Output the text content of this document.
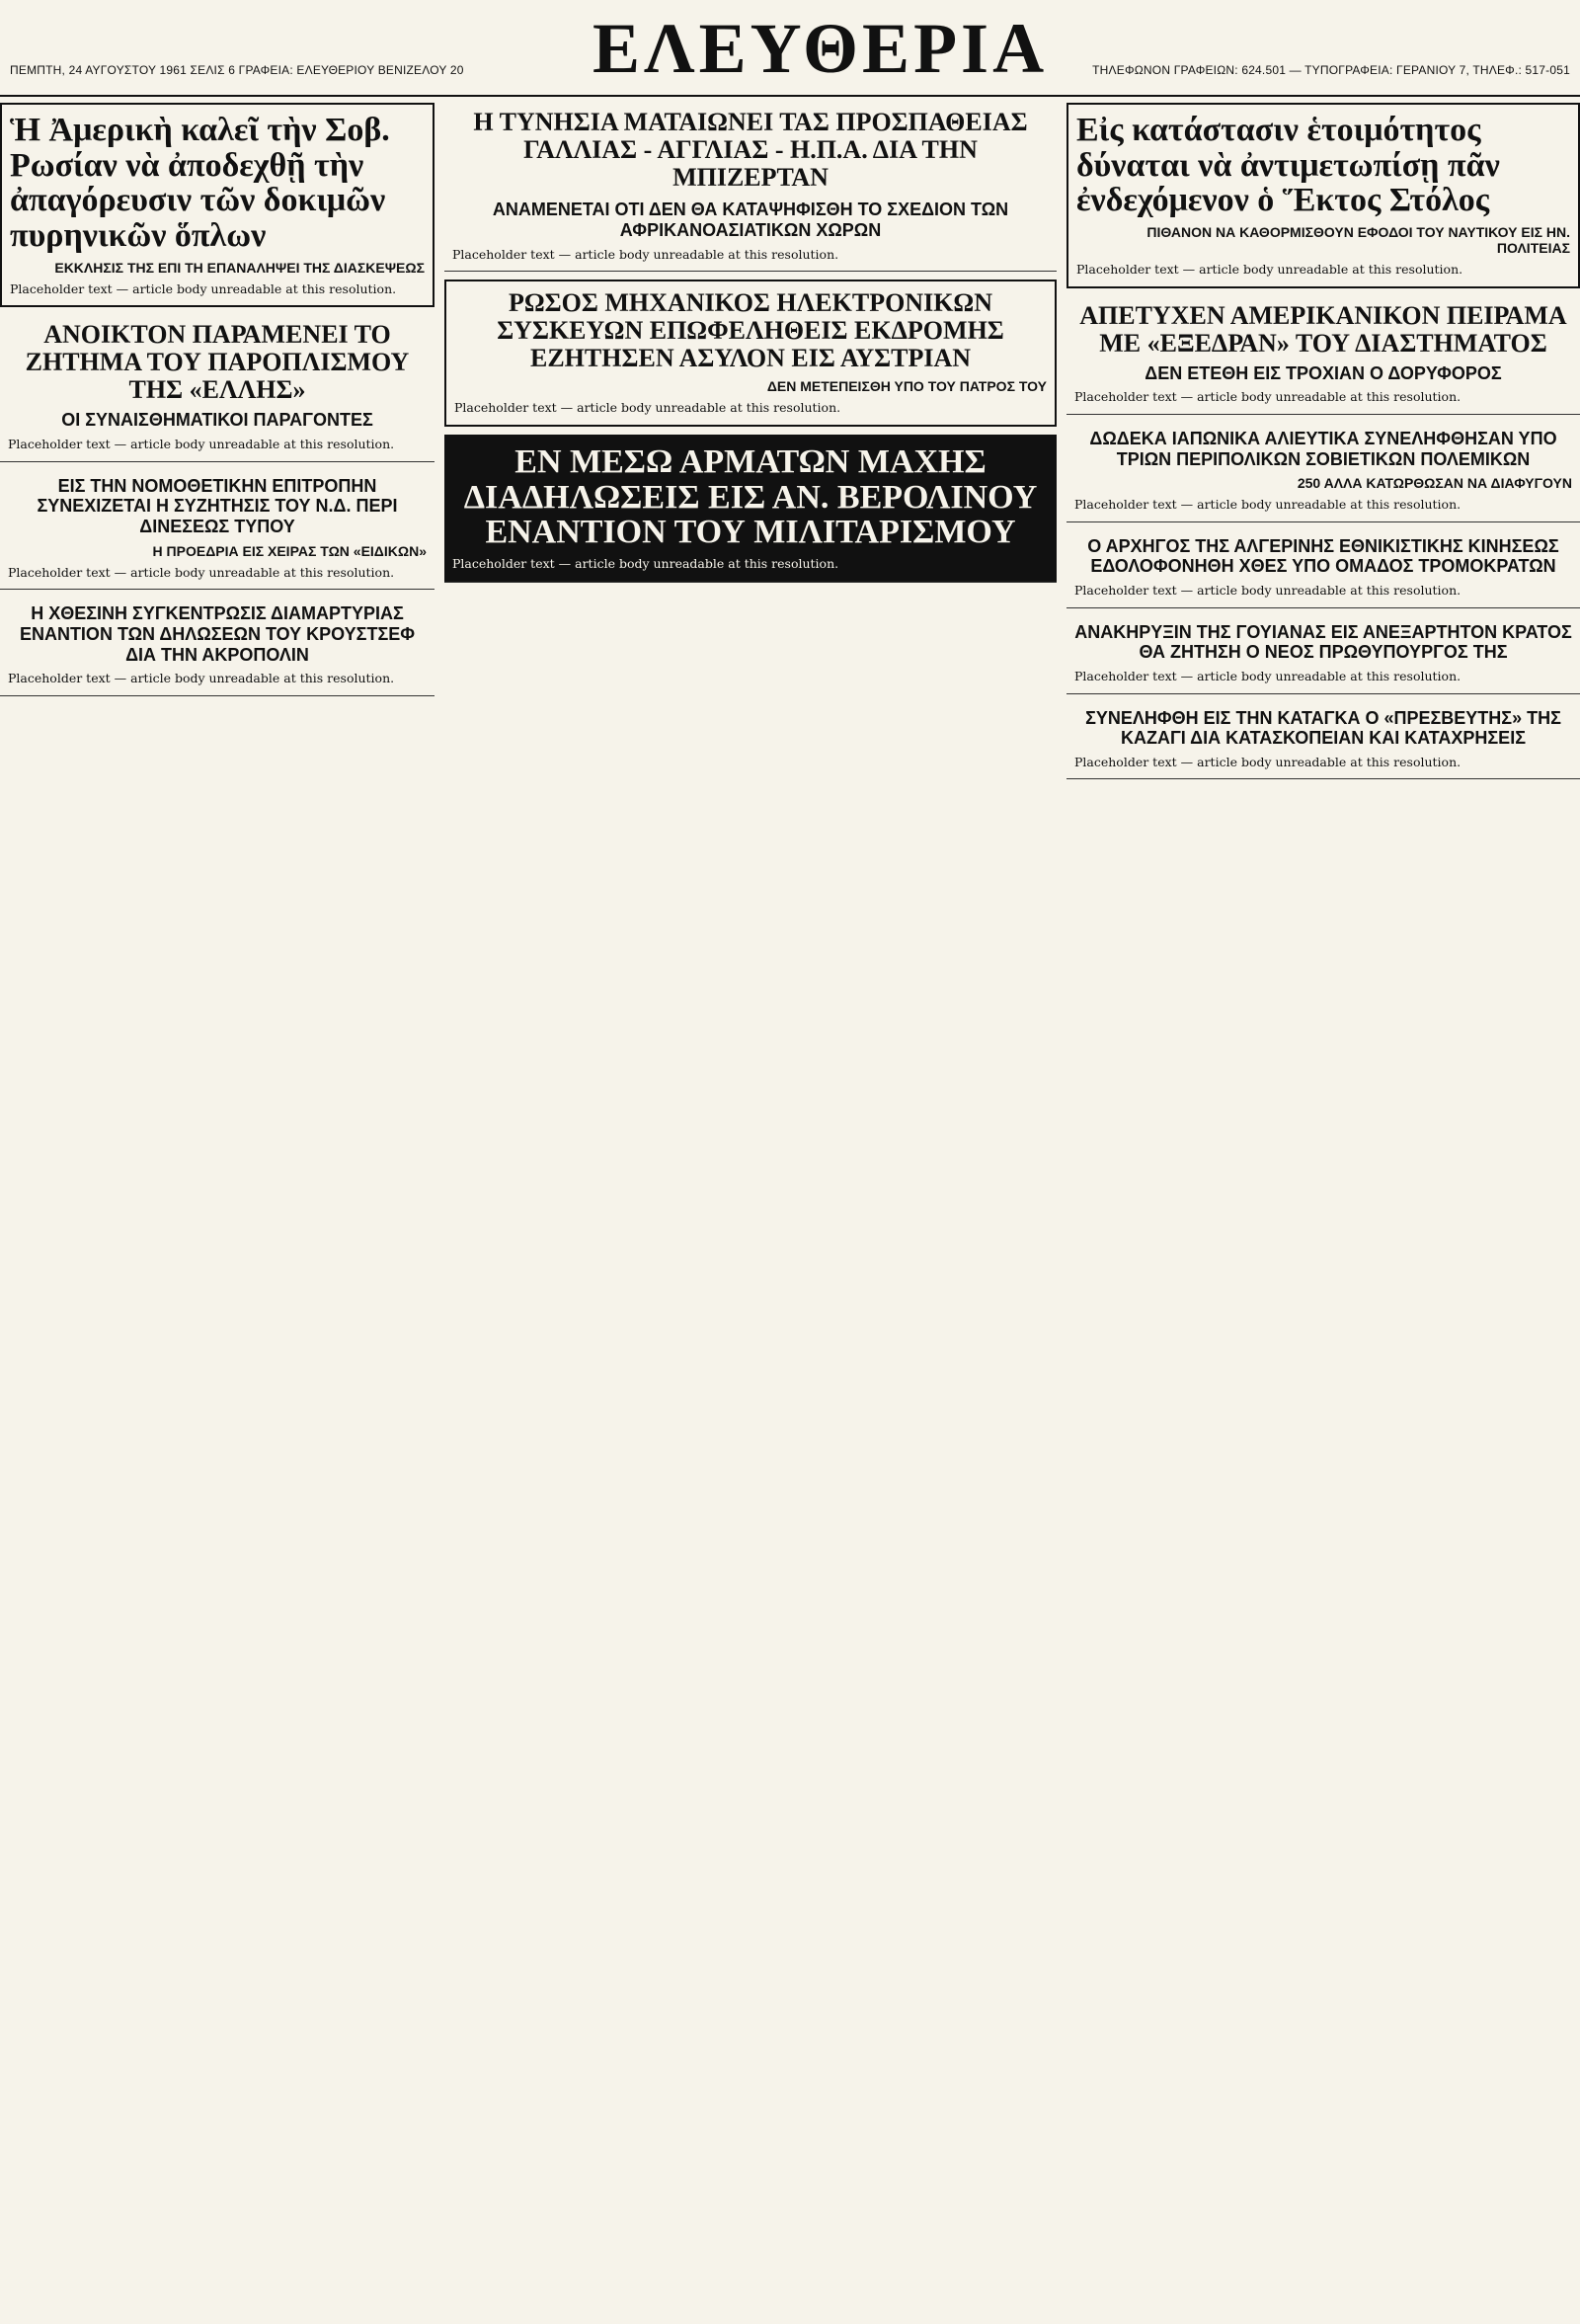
ΠΕΜΠΤΗ, 24 ΑΥΓΟΥΣΤΟΥ 1961 ΣΕΛΙΣ 6 ΓΡΑΦΕΙΑ: ΕΛΕΥΘΕΡΙΟΥ ΒΕΝΙΖΕΛΟΥ 20 ΕΛΕΥΘΕΡΙΑ	ΤΗΛΕΦΩΝΟΝ ΓΡΑΦΕΙΩΝ: 624.501 — ΤΥΠΟΓΡΑΦΕΙΑ: ΓΕΡΑΝΙΟΥ 7, ΤΗΛΕΦ.: 517-051
Ἡ Ἀμερικὴ καλεῖ τὴν Σοβ. Ρωσίαν νὰ ἀποδεχθῇ τὴν ἀπαγόρευσιν τῶν δοκιμῶν πυρηνικῶν ὅπλων
ΕΚΚΛΗΣΙΣ ΤΗΣ ΕΠΙ ΤΗ ΕΠΑΝΑΛΗΨΕΙ ΤΗΣ ΔΙΑΣΚΕΨΕΩΣ
Placeholder text — article body unreadable at this resolution.
ΑΝΟΙΚΤΟΝ ΠΑΡΑΜΕΝΕΙ ΤΟ ΖΗΤΗΜΑ ΤΟΥ ΠΑΡΟΠΛΙΣΜΟΥ ΤΗΣ «ΕΛΛΗΣ»
ΟΙ ΣΥΝΑΙΣΘΗΜΑΤΙΚΟΙ ΠΑΡΑΓΟΝΤΕΣ
Placeholder text — article body unreadable at this resolution.
ΕΙΣ ΤΗΝ ΝΟΜΟΘΕΤΙΚΗΝ ΕΠΙΤΡΟΠΗΝ ΣΥΝΕΧΙΖΕΤΑΙ Η ΣΥΖΗΤΗΣΙΣ ΤΟΥ Ν.Δ. ΠΕΡΙ ΔΙΝΕΣΕΩΣ ΤΥΠΟΥ
Η ΠΡΟΕΔΡΙΑ ΕΙΣ ΧΕΙΡΑΣ ΤΩΝ «ΕΙΔΙΚΩΝ»
Placeholder text — article body unreadable at this resolution.
Η ΧΘΕΣΙΝΗ ΣΥΓΚΕΝΤΡΩΣΙΣ ΔΙΑΜΑΡΤΥΡΙΑΣ ΕΝΑΝΤΙΟΝ ΤΩΝ ΔΗΛΩΣΕΩΝ ΤΟΥ ΚΡΟΥΣΤΣΕΦ ΔΙΑ ΤΗΝ ΑΚΡΟΠΟΛΙΝ
Placeholder text — article body unreadable at this resolution.
Η ΤΥΝΗΣΙΑ ΜΑΤΑΙΩΝΕΙ ΤΑΣ ΠΡΟΣΠΑΘΕΙΑΣ ΓΑΛΛΙΑΣ - ΑΓΓΛΙΑΣ - Η.Π.Α. ΔΙΑ ΤΗΝ ΜΠΙΖΕΡΤΑΝ
ΑΝΑΜΕΝΕΤΑΙ ΟΤΙ ΔΕΝ ΘΑ ΚΑΤΑΨΗΦΙΣΘΗ ΤΟ ΣΧΕΔΙΟΝ ΤΩΝ ΑΦΡΙΚΑΝΟΑΣΙΑΤΙΚΩΝ ΧΩΡΩΝ
Placeholder text — article body unreadable at this resolution.
ΡΩΣΟΣ ΜΗΧΑΝΙΚΟΣ ΗΛΕΚΤΡΟΝΙΚΩΝ ΣΥΣΚΕΥΩΝ ΕΠΩΦΕΛΗΘΕΙΣ ΕΚΔΡΟΜΗΣ ΕΖΗΤΗΣΕΝ ΑΣΥΛΟΝ ΕΙΣ ΑΥΣΤΡΙΑΝ
ΔΕΝ ΜΕΤΕΠΕΙΣΘΗ ΥΠΟ ΤΟΥ ΠΑΤΡΟΣ ΤΟΥ
Placeholder text — article body unreadable at this resolution.
ΕΝ ΜΕΣΩ ΑΡΜΑΤΩΝ ΜΑΧΗΣ ΔΙΑΔΗΛΩΣΕΙΣ ΕΙΣ ΑΝ. ΒΕΡΟΛΙΝΟΥ ΕΝΑΝΤΙΟΝ ΤΟΥ ΜΙΛΙΤΑΡΙΣΜΟΥ
Placeholder text — article body unreadable at this resolution.
Εἰς κατάστασιν ἑτοιμότητος δύναται νὰ ἀντιμετωπίσῃ πᾶν ἐνδεχόμενον ὁ Ἕκτος Στόλος
ΠΙΘΑΝΟΝ ΝΑ ΚΑΘΟΡΜΙΣΘΟΥΝ ΕΦΟΔΟΙ ΤΟΥ ΝΑΥΤΙΚΟΥ ΕΙΣ ΗΝ. ΠΟΛΙΤΕΙΑΣ
Placeholder text — article body unreadable at this resolution.
ΑΠΕΤΥΧΕΝ ΑΜΕΡΙΚΑΝΙΚΟΝ ΠΕΙΡΑΜΑ ΜΕ «ΕΞΕΔΡΑΝ» ΤΟΥ ΔΙΑΣΤΗΜΑΤΟΣ
ΔΕΝ ΕΤΕΘΗ ΕΙΣ ΤΡΟΧΙΑΝ Ο ΔΟΡΥΦΟΡΟΣ
Placeholder text — article body unreadable at this resolution.
ΔΩΔΕΚΑ ΙΑΠΩΝΙΚΑ ΑΛΙΕΥΤΙΚΑ ΣΥΝΕΛΗΦΘΗΣΑΝ ΥΠΟ ΤΡΙΩΝ ΠΕΡΙΠΟΛΙΚΩΝ ΣΟΒΙΕΤΙΚΩΝ ΠΟΛΕΜΙΚΩΝ
250 ΑΛΛΑ ΚΑΤΩΡΘΩΣΑΝ ΝΑ ΔΙΑΦΥΓΟΥΝ
Placeholder text — article body unreadable at this resolution.
Ο ΑΡΧΗΓΟΣ ΤΗΣ ΑΛΓΕΡΙΝΗΣ ΕΘΝΙΚΙΣΤΙΚΗΣ ΚΙΝΗΣΕΩΣ ΕΔΟΛΟΦΟΝΗΘΗ ΧΘΕΣ ΥΠΟ ΟΜΑΔΟΣ ΤΡΟΜΟΚΡΑΤΩΝ
Placeholder text — article body unreadable at this resolution.
ΑΝΑΚΗΡΥΞΙΝ ΤΗΣ ΓΟΥΙΑΝΑΣ ΕΙΣ ΑΝΕΞΑΡΤΗΤΟΝ ΚΡΑΤΟΣ ΘΑ ΖΗΤΗΣΗ Ο ΝΕΟΣ ΠΡΩΘΥΠΟΥΡΓΟΣ ΤΗΣ
Placeholder text — article body unreadable at this resolution.
ΣΥΝΕΛΗΦΘΗ ΕΙΣ ΤΗΝ ΚΑΤΑΓΚΑ Ο «ΠΡΕΣΒΕΥΤΗΣ» ΤΗΣ ΚΑΖΑΓΙ ΔΙΑ ΚΑΤΑΣΚΟΠΕΙΑΝ ΚΑΙ ΚΑΤΑΧΡΗΣΕΙΣ
Placeholder text — article body unreadable at this resolution.
